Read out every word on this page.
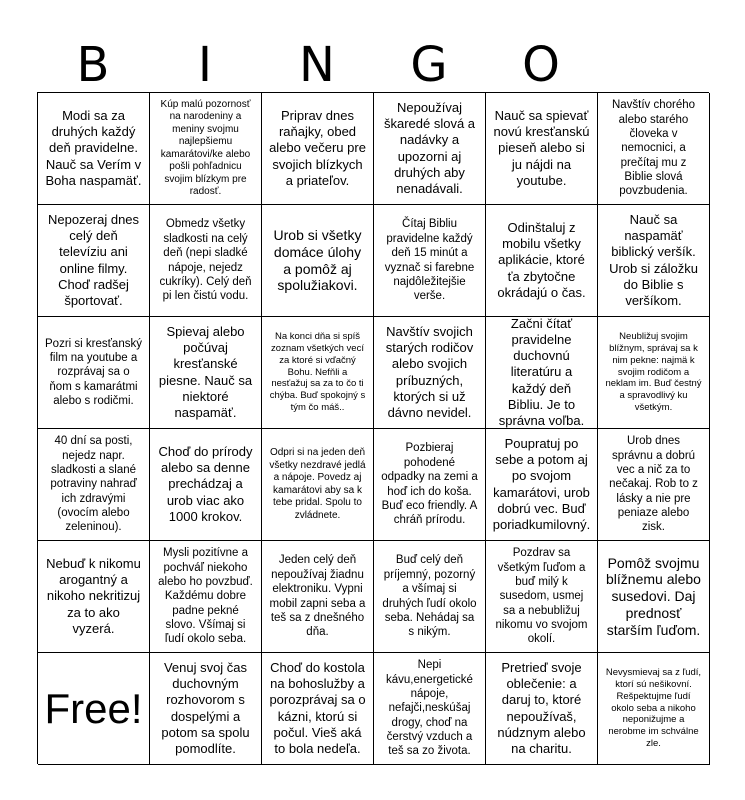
B	I	N	G	O
Modi sa za druhých každý deň pravidelne. Nauč sa Verím v Boha naspamäť.
Kúp malú pozornosť na narodeniny a meniny svojmu najlepšiemu kamarátovi/ke alebo pošli pohľadnicu svojim blízkym pre radosť.
Priprav dnes raňajky, obed alebo večeru pre svojich blízkych a priateľov.
Nepoužívaj škaredé slová a nadávky a upozorni aj druhých aby nenadávali.
Nauč sa spievať novú kresťanskú pieseň alebo si ju nájdi na youtube.
Navštív chorého alebo starého človeka v nemocnici, a prečítaj mu z Biblie slová povzbudenia.
Nepozeraj dnes celý deň televíziu ani online filmy. Choď radšej športovať.
Obmedz všetky sladkosti na celý deň (nepi sladké nápoje, nejedz cukríky). Celý deň pi len čistú vodu.
Urob si všetky domáce úlohy a pomôž aj spolužiakovi.
Čítaj Bibliu pravidelne každý deň 15 minút a vyznač si farebne najdôležitejšie verše.
Odinštaluj z mobilu všetky aplikácie, ktoré ťa zbytočne okrádajú o čas.
Nauč sa naspamäť biblický veršík. Urob si záložku do Biblie s veršíkom.
Pozri si kresťanský film na youtube a rozprávaj sa o ňom s kamarátmi alebo s rodičmi.
Spievaj alebo počúvaj kresťanské piesne. Nauč sa niektoré naspamäť.
Na konci dňa si spíš zoznam všetkých vecí za ktoré si vďačný Bohu. Nefňli a nesťažuj sa za to čo ti chýba. Buď spokojný s tým čo máš..
Navštív svojich starých rodičov alebo svojich príbuzných, ktorých si už dávno nevidel.
Začni čítať pravidelne duchovnú literatúru a každý deň Bibliu. Je to správna voľba.
Neubližuj svojim blížnym, správaj sa k nim pekne: najmä k svojim rodičom a neklam im. Buď čestný a spravodlivý ku všetkým.
40 dní sa posti, nejedz napr. sladkosti a slané potraviny nahraď ich zdravými (ovocím alebo zeleninou).
Choď do prírody alebo sa denne prechádzaj a urob viac ako 1000 krokov.
Odpri si na jeden deň všetky nezdravé jedlá a nápoje. Povedz aj kamarátovi aby sa k tebe pridal. Spolu to zvládnete.
Pozbieraj pohodené odpadky na zemi a hoď ich do koša. Buď eco friendly. A chráň prírodu.
Poupratuj po sebe a potom aj po svojom kamarátovi, urob dobrú vec. Buď poriadkumilovný.
Urob dnes správnu a dobrú vec a nič za to nečakaj. Rob to z lásky a nie pre peniaze alebo zisk.
Nebuď k nikomu arogantný a nikoho nekritizuj za to ako vyzerá.
Mysli pozitívne a pochváľ niekoho alebo ho povzbuď. Každému dobre padne pekné slovo. Všímaj si ľudí okolo seba.
Jeden celý deň nepoužívaj žiadnu elektroniku. Vypni mobil zapni seba a teš sa z dnešného dňa.
Buď celý deň príjemný, pozorný a všímaj si druhých ľudí okolo seba. Nehádaj sa s nikým.
Pozdrav sa všetkým ľuďom a buď milý k susedom, usmej sa a nebubližuj nikomu vo svojom okolí.
Pomôž svojmu blížnemu alebo susedovi. Daj prednosť starším ľuďom.
Free!
Venuj svoj čas duchovným rozhovorom s dospelými a potom sa spolu pomodlíte.
Choď do kostola na bohoslužby a porozprávaj sa o kázni, ktorú si počul. Vieš aká to bola nedeľa.
Nepi kávu,energetické nápoje, nefajči,neskúšaj drogy, choď na čerstvý vzduch a teš sa zo života.
Pretrieď svoje oblečenie: a daruj to, ktoré nepoužívaš, núdznym alebo na charitu.
Nevysmievaj sa z ľudí, ktorí sú nešikovní. Rešpektujme ľudí okolo seba a nikoho neponižujme a nerobme im schválne zle.
